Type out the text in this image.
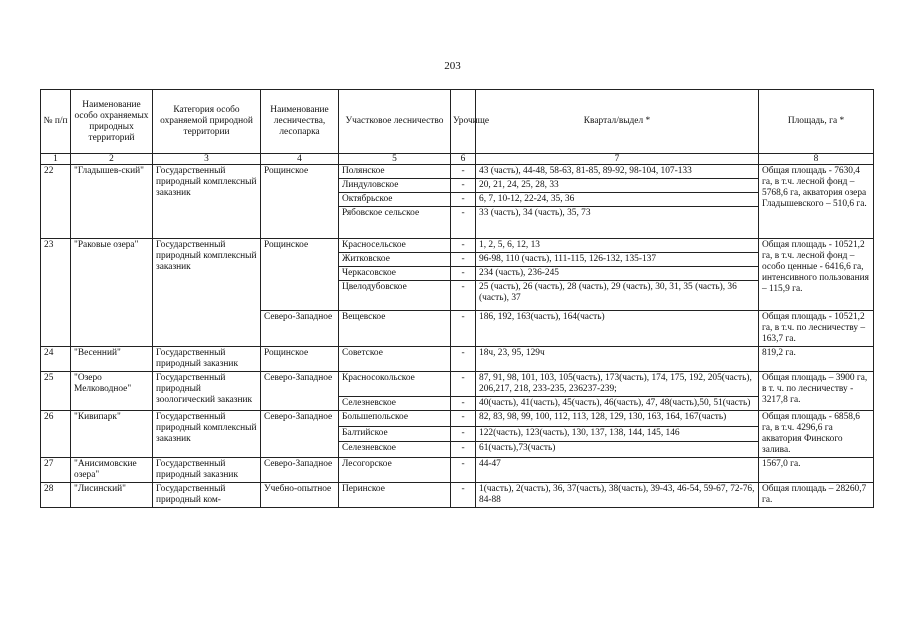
203
№ п/п	Наименование особо охраняемых природных территорий	Категория особо охраняемой природной территории	Наименование лесничества, лесопарка	Участковое лесничество	Урочище	Квартал/выдел *	Площадь, га *
1	2	3	4	5	6	7	8
22	"Гладышев-ский"	Государственный природный комплексный заказник	Рощинское	Полянское	-	43 (часть), 44-48, 58-63, 81-85, 89-92, 98-104, 107-133	Общая площадь - 7630,4 га, в т.ч. лесной фонд – 5768,6 га, акватория озера Гладышевского – 510,6 га.
				Линдуловское	-	20, 21, 24, 25, 28, 33	
				Октябрьское	-	6, 7, 10-12, 22-24, 35, 36	
				Рябовское сельское	-	33 (часть), 34 (часть), 35, 73	
23	"Раковые озера"	Государственный природный комплексный заказник	Рощинское	Красносельское	-	1, 2, 5, 6, 12, 13	Общая площадь - 10521,2 га, в т.ч. лесной фонд – особо ценные - 6416,6 га, интенсивного пользования – 115,9 га.
				Житковское	-	96-98, 110 (часть), 111-115, 126-132, 135-137	
				Черкасовское	-	234 (часть), 236-245	
				Цвелодубовское	-	25 (часть), 26 (часть), 28 (часть), 29 (часть), 30, 31, 35 (часть), 36 (часть), 37	
			Северо-Западное	Вещевское	-	186, 192, 163(часть), 164(часть)	Общая площадь - 10521,2 га, в т.ч. по лесничеству – 163,7 га.
24	"Весенний"	Государственный природный заказник	Рощинское	Советское	-	18ч, 23, 95, 129ч	819,2 га.
25	"Озеро Мелководное"	Государственный природный зоологический заказник	Северо-Западное	Красносокольское	-	87, 91, 98, 101, 103, 105(часть), 173(часть), 174, 175, 192, 205(часть), 206,217, 218, 233-235, 236237-239;	Общая площадь – 3900 га, в т. ч. по лесничеству - 3217,8 га.
				Селезневское	-	40(часть), 41(часть), 45(часть), 46(часть), 47, 48(часть),50, 51(часть)	
26	"Кивипарк"	Государственный природный комплексный заказник	Северо-Западное	Большепольское	-	82, 83, 98, 99, 100, 112, 113, 128, 129, 130, 163, 164, 167(часть)	Общая площадь - 6858,6 га, в т.ч. 4296,6 га акватория Финского залива.
				Балтийское	-	122(часть), 123(часть), 130, 137, 138, 144, 145, 146	
				Селезневское	-	61(часть),73(часть)	
27	"Анисимовские озера"	Государственный природный заказник	Северо-Западное	Лесогорское	-	44-47	1567,0 га.
28	"Лисинский"	Государственный природный ком-	Учебно-опытное	Перинское	-	1(часть), 2(часть), 36, 37(часть), 38(часть), 39-43, 46-54, 59-67, 72-76, 84-88	Общая площадь – 28260,7 га.
